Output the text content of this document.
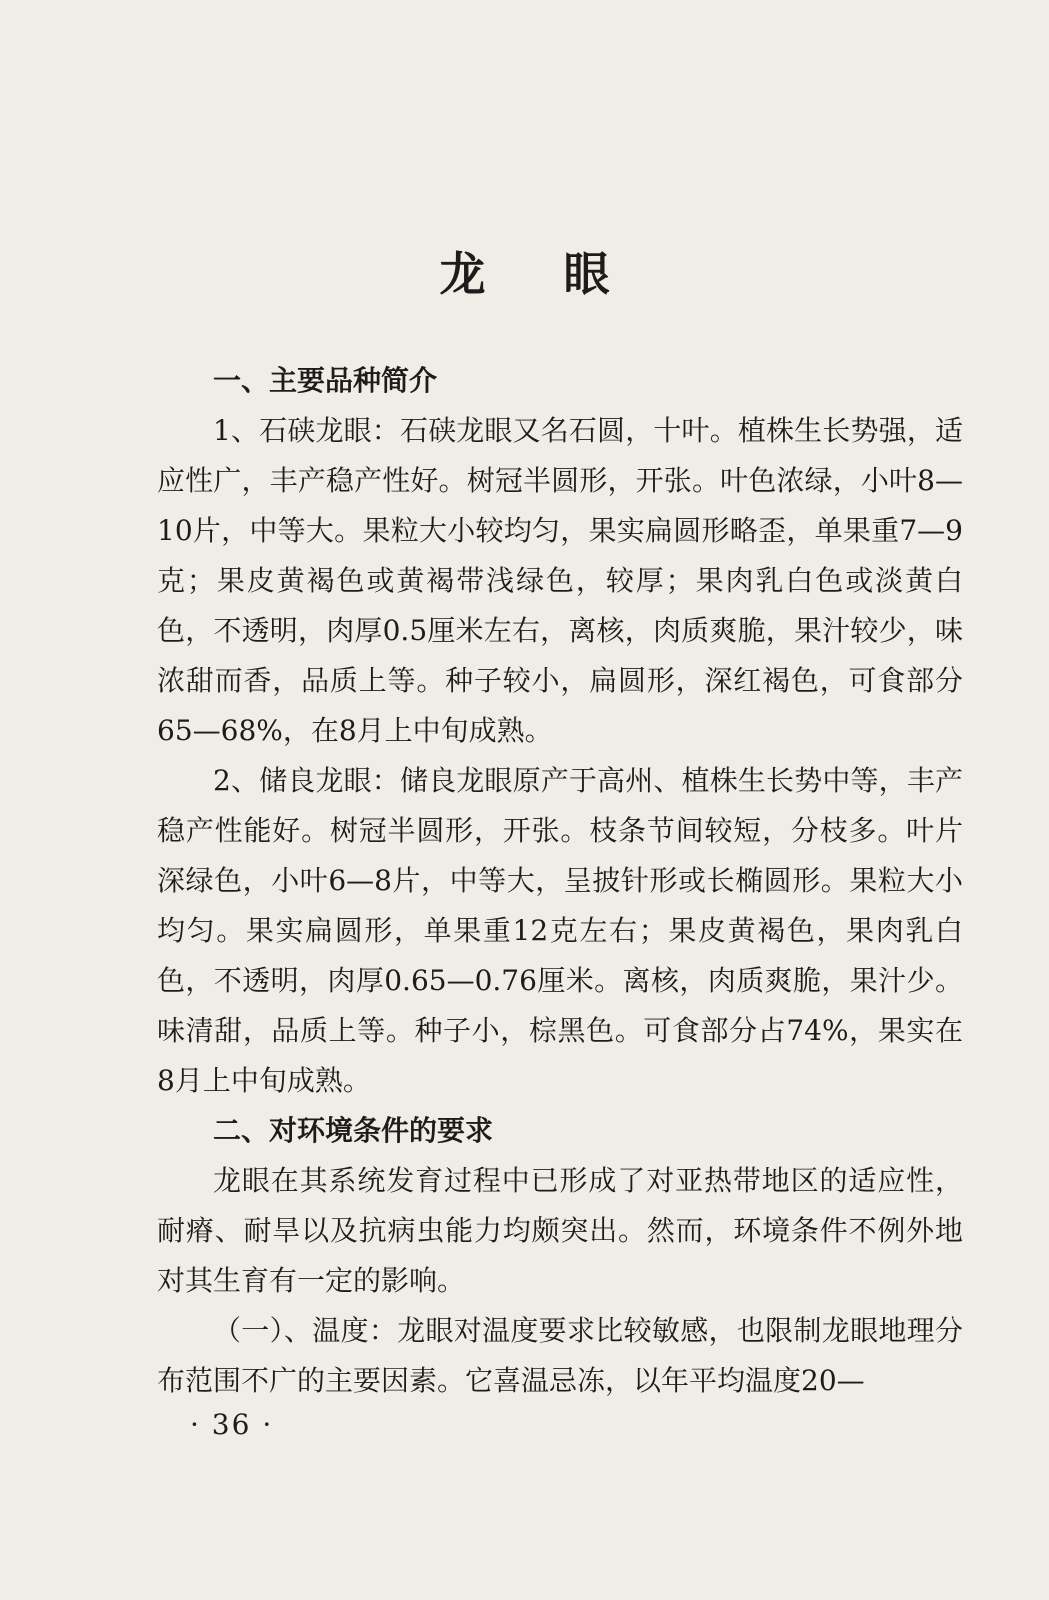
龙 眼
一、主要品种简介

1、石硖龙眼：石硖龙眼又名石圆，十叶。植株生长势强，适应性广，丰产稳产性好。树冠半圆形，开张。叶色浓绿，小叶8—10片，中等大。果粒大小较均匀，果实扁圆形略歪，单果重7—9克；果皮黄褐色或黄褐带浅绿色，较厚；果肉乳白色或淡黄白色，不透明，肉厚0.5厘米左右，离核，肉质爽脆，果汁较少，味浓甜而香，品质上等。种子较小，扁圆形，深红褐色，可食部分65—68%，在8月上中旬成熟。

2、储良龙眼：储良龙眼原产于高州、植株生长势中等，丰产稳产性能好。树冠半圆形，开张。枝条节间较短，分枝多。叶片深绿色，小叶6—8片，中等大，呈披针形或长椭圆形。果粒大小均匀。果实扁圆形，单果重12克左右；果皮黄褐色，果肉乳白色，不透明，肉厚0.65—0.76厘米。离核，肉质爽脆，果汁少。味清甜，品质上等。种子小，棕黑色。可食部分占74%，果实在8月上中旬成熟。

二、对环境条件的要求

龙眼在其系统发育过程中已形成了对亚热带地区的适应性，耐瘠、耐旱以及抗病虫能力均颇突出。然而，环境条件不例外地对其生育有一定的影响。

（一）、温度：龙眼对温度要求比较敏感，也限制龙眼地理分布范围不广的主要因素。它喜温忌冻，以年平均温度20—

· 36 ·
